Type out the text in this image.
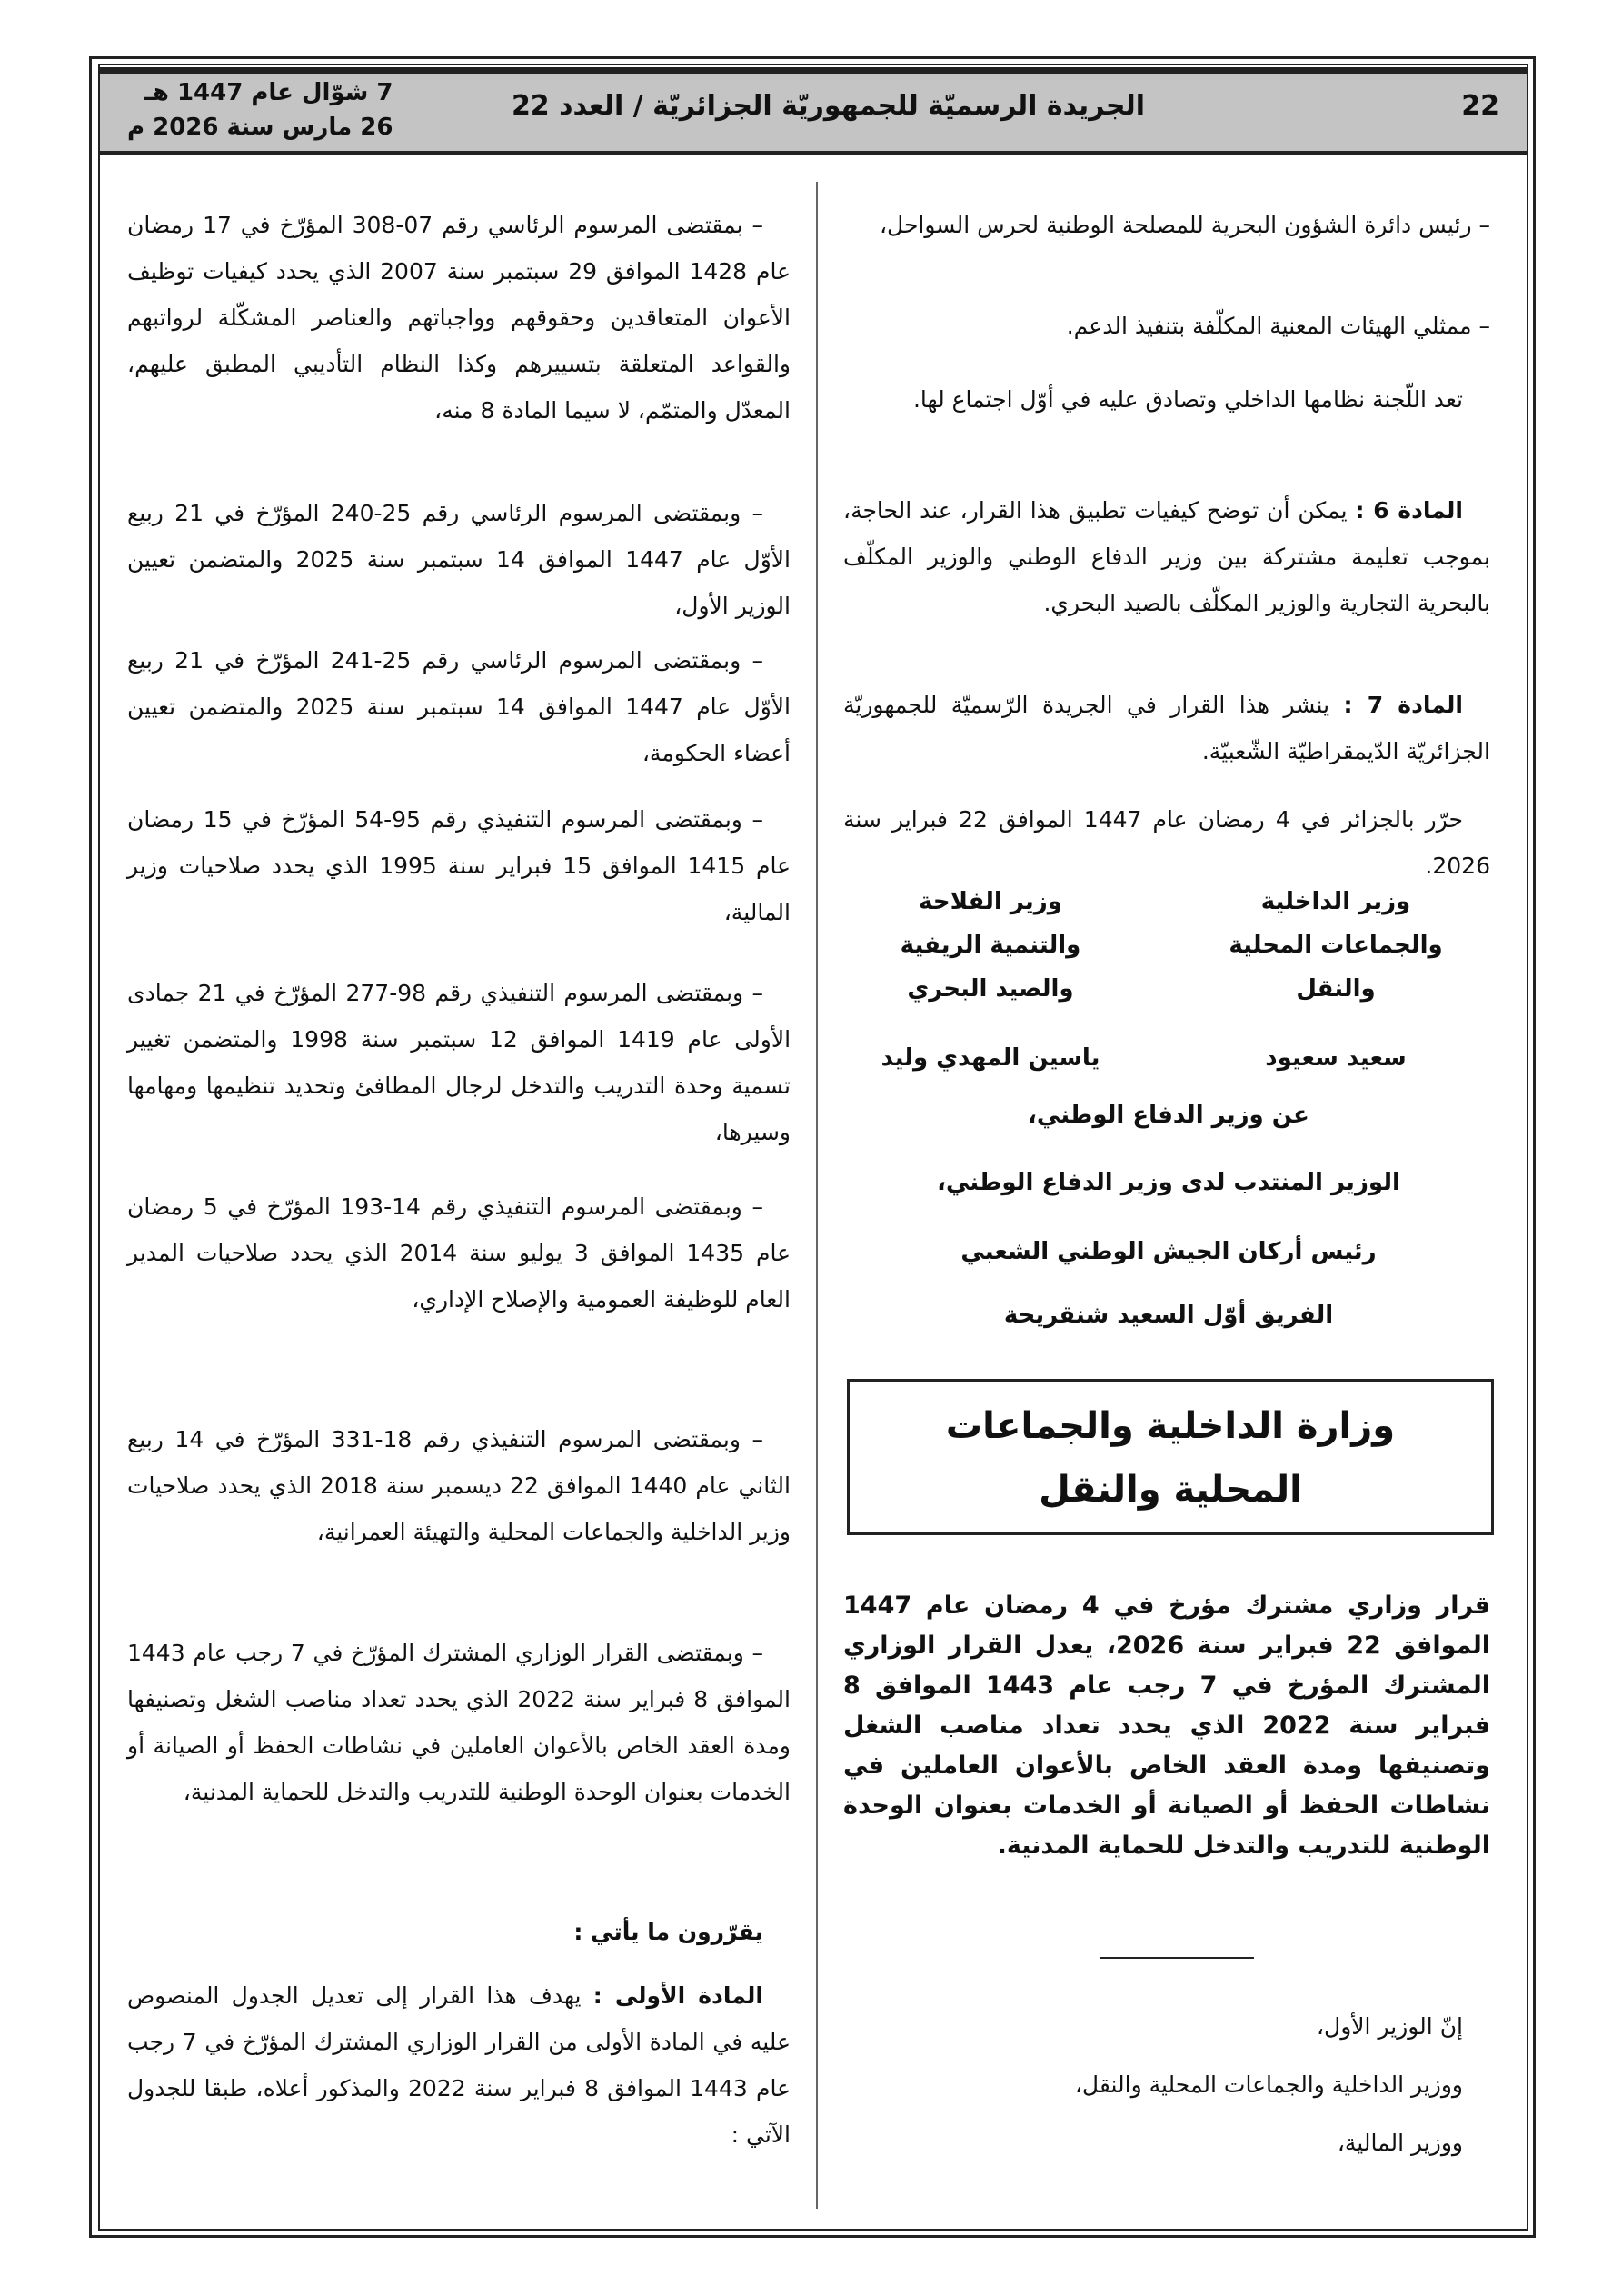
22
الجريدة الرسميّة للجمهوريّة الجزائريّة / العدد 22
7 شوّال عام 1447 هـ
26 مارس سنة 2026 م

– رئيس دائرة الشؤون البحرية للمصلحة الوطنية لحرس السواحل،

– ممثلي الهيئات المعنية المكلّفة بتنفيذ الدعم.

تعد اللّجنة نظامها الداخلي وتصادق عليه في أوّل اجتماع لها.

المادة 6 : يمكن أن توضح كيفيات تطبيق هذا القرار، عند الحاجة، بموجب تعليمة مشتركة بين وزير الدفاع الوطني والوزير المكلّف بالبحرية التجارية والوزير المكلّف بالصيد البحري.

المادة 7 : ينشر هذا القرار في الجريدة الرّسميّة للجمهوريّة الجزائريّة الدّيمقراطيّة الشّعبيّة.

حرّر بالجزائر في 4 رمضان عام 1447 الموافق 22 فبراير سنة 2026.

وزير الداخلية
والجماعات المحلية
والنقل
وزير الفلاحة
والتنمية الريفية
والصيد البحري
سعيد سعيود
ياسين المهدي وليد
عن وزير الدفاع الوطني،
الوزير المنتدب لدى وزير الدفاع الوطني،
رئيس أركان الجيش الوطني الشعبي
الفريق أوّل السعيد شنقريحة
وزارة الداخلية والجماعات
المحلية والنقل

قرار وزاري مشترك مؤرخ في 4 رمضان عام 1447 الموافق 22 فبراير سنة 2026، يعدل القرار الوزاري المشترك المؤرخ في 7 رجب عام 1443 الموافق 8 فبراير سنة 2022 الذي يحدد تعداد مناصب الشغل وتصنيفها ومدة العقد الخاص بالأعوان العاملين في نشاطات الحفظ أو الصيانة أو الخدمات بعنوان الوحدة الوطنية للتدريب والتدخل للحماية المدنية.

إنّ الوزير الأول،

ووزير الداخلية والجماعات المحلية والنقل،

ووزير المالية،

– بمقتضى المرسوم الرئاسي رقم 07-308 المؤرّخ في 17 رمضان عام 1428 الموافق 29 سبتمبر سنة 2007 الذي يحدد كيفيات توظيف الأعوان المتعاقدين وحقوقهم وواجباتهم والعناصر المشكّلة لرواتبهم والقواعد المتعلقة بتسييرهم وكذا النظام التأديبي المطبق عليهم، المعدّل والمتمّم، لا سيما المادة 8 منه،

– وبمقتضى المرسوم الرئاسي رقم 25-240 المؤرّخ في 21 ربيع الأوّل عام 1447 الموافق 14 سبتمبر سنة 2025 والمتضمن تعيين الوزير الأول،

– وبمقتضى المرسوم الرئاسي رقم 25-241 المؤرّخ في 21 ربيع الأوّل عام 1447 الموافق 14 سبتمبر سنة 2025 والمتضمن تعيين أعضاء الحكومة،

– وبمقتضى المرسوم التنفيذي رقم 95-54 المؤرّخ في 15 رمضان عام 1415 الموافق 15 فبراير سنة 1995 الذي يحدد صلاحيات وزير المالية،

– وبمقتضى المرسوم التنفيذي رقم 98-277 المؤرّخ في 21 جمادى الأولى عام 1419 الموافق 12 سبتمبر سنة 1998 والمتضمن تغيير تسمية وحدة التدريب والتدخل لرجال المطافئ وتحديد تنظيمها ومهامها وسيرها،

– وبمقتضى المرسوم التنفيذي رقم 14-193 المؤرّخ في 5 رمضان عام 1435 الموافق 3 يوليو سنة 2014 الذي يحدد صلاحيات المدير العام للوظيفة العمومية والإصلاح الإداري،

– وبمقتضى المرسوم التنفيذي رقم 18-331 المؤرّخ في 14 ربيع الثاني عام 1440 الموافق 22 ديسمبر سنة 2018 الذي يحدد صلاحيات وزير الداخلية والجماعات المحلية والتهيئة العمرانية،

– وبمقتضى القرار الوزاري المشترك المؤرّخ في 7 رجب عام 1443 الموافق 8 فبراير سنة 2022 الذي يحدد تعداد مناصب الشغل وتصنيفها ومدة العقد الخاص بالأعوان العاملين في نشاطات الحفظ أو الصيانة أو الخدمات بعنوان الوحدة الوطنية للتدريب والتدخل للحماية المدنية،

يقرّرون ما يأتي :

المادة الأولى : يهدف هذا القرار إلى تعديل الجدول المنصوص عليه في المادة الأولى من القرار الوزاري المشترك المؤرّخ في 7 رجب عام 1443 الموافق 8 فبراير سنة 2022 والمذكور أعلاه، طبقا للجدول الآتي :
